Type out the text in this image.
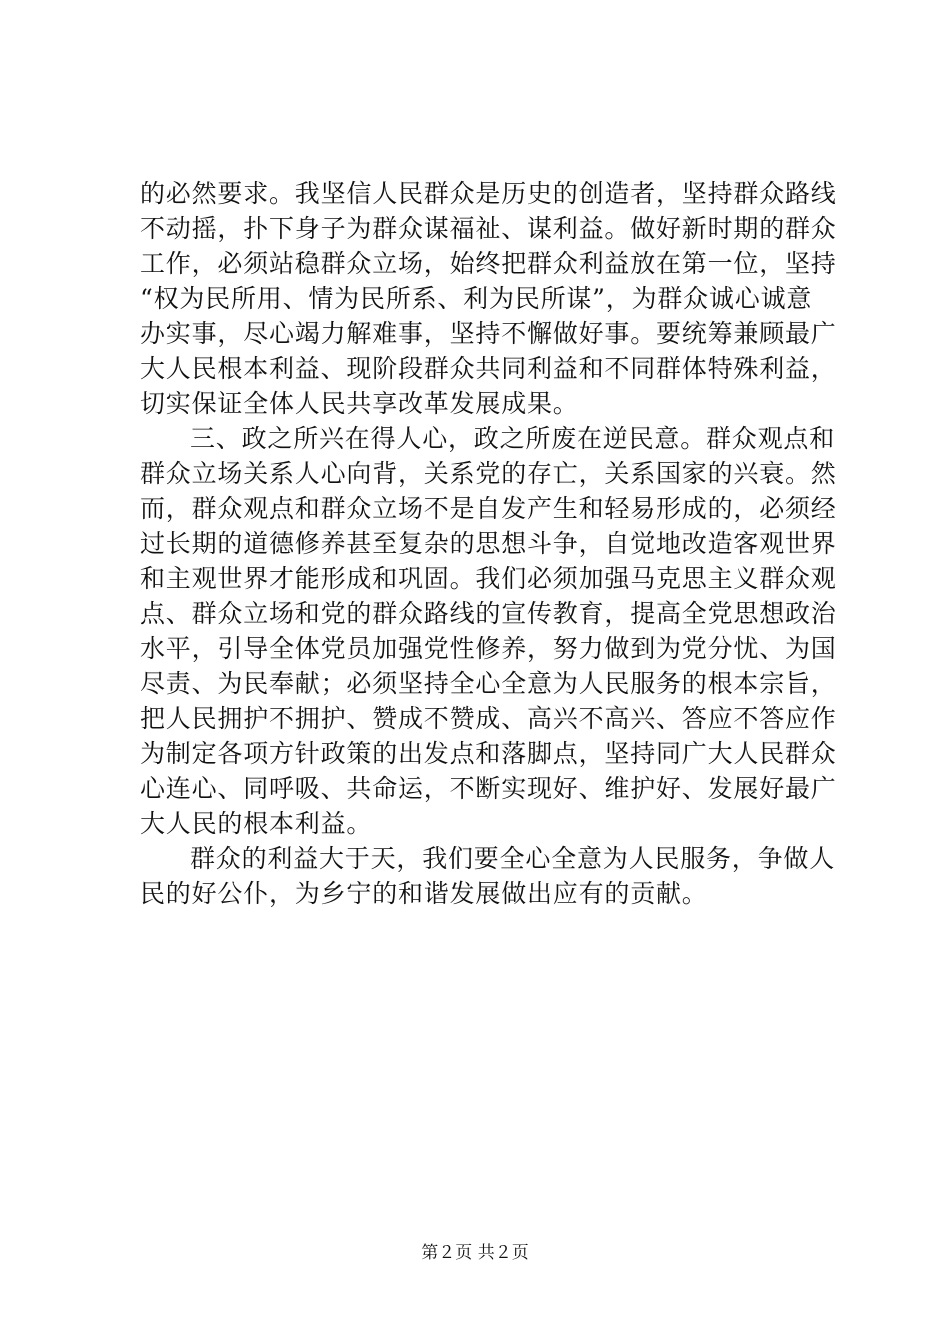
的必然要求。我坚信人民群众是历史的创造者，坚持群众路线
不动摇，扑下身子为群众谋福祉、谋利益。做好新时期的群众
工作，必须站稳群众立场，始终把群众利益放在第一位，坚持
“权为民所用、情为民所系、利为民所谋”，为群众诚心诚意
办实事，尽心竭力解难事，坚持不懈做好事。要统筹兼顾最广
大人民根本利益、现阶段群众共同利益和不同群体特殊利益，
切实保证全体人民共享改革发展成果。
三、政之所兴在得人心，政之所废在逆民意。群众观点和
群众立场关系人心向背，关系党的存亡，关系国家的兴衰。然
而，群众观点和群众立场不是自发产生和轻易形成的，必须经
过长期的道德修养甚至复杂的思想斗争，自觉地改造客观世界
和主观世界才能形成和巩固。我们必须加强马克思主义群众观
点、群众立场和党的群众路线的宣传教育，提高全党思想政治
水平，引导全体党员加强党性修养，努力做到为党分忧、为国
尽责、为民奉献；必须坚持全心全意为人民服务的根本宗旨，
把人民拥护不拥护、赞成不赞成、高兴不高兴、答应不答应作
为制定各项方针政策的出发点和落脚点，坚持同广大人民群众
心连心、同呼吸、共命运，不断实现好、维护好、发展好最广
大人民的根本利益。
群众的利益大于天，我们要全心全意为人民服务，争做人
民的好公仆，为乡宁的和谐发展做出应有的贡献。
第２页 共２页
